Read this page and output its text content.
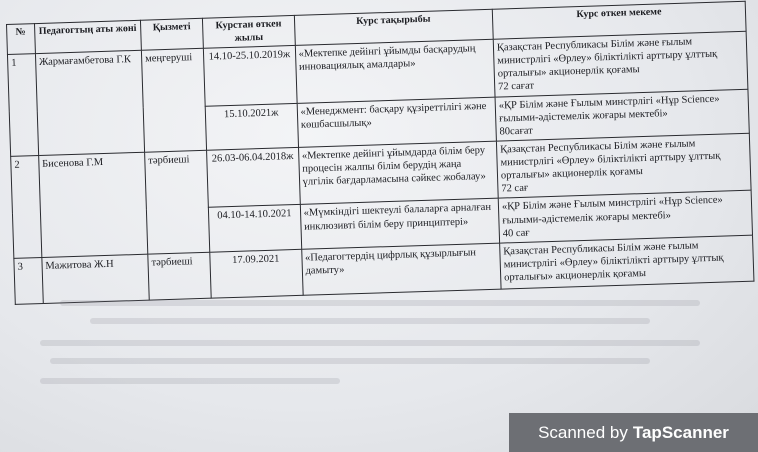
№	Педагогтың аты жөні	Қызметі	Курстан өткен жылы	Курс тақырыбы	Курс өткен мекеме
1	Жармағамбетова Г.К	меңгеруші	14.10-25.10.2019ж	«Мектепке дейінгі ұйымды басқарудың инновациялық амалдары»	Қазақстан Республикасы Білім және ғылым министрлігі «Өрлеу» біліктілікті арттыру ұлттық орталығы» акционерлік қоғамы
72 сағат
			15.10.2021ж	«Менеджмент: басқару құзіреттілігі және көшбасшылық»	«ҚР Білім және Ғылым минстрлігі «Нұр Science» ғылыми-әдістемелік жоғары мектебі»
80сағат
2	Бисенова Г.М	тәрбиеші	26.03-06.04.2018ж	«Мектепке дейінгі ұйымдарда білім беру процесін жалпы білім берудің жаңа үлгілік бағдарламасына сәйкес жобалау»	Қазақстан Республикасы Білім және ғылым министрлігі «Өрлеу» біліктілікті арттыру ұлттық орталығы» акционерлік қоғамы
72 сағ
			04.10-14.10.2021	«Мүмкіндігі шектеулі балаларға арналған инклюзивті білім беру принциптері»	«ҚР Білім және Ғылым минстрлігі «Нұр Science» ғылыми-әдістемелік жоғары мектебі»
40 сағ
3	Мажитова Ж.Н	тәрбиеші	17.09.2021	«Педагогтердің цифрлық құзырлығын дамыту»	Қазақстан Республикасы Білім және ғылым министрлігі «Өрлеу» біліктілікті арттыру ұлттық орталығы» акционерлік қоғамы
Scanned by TapScanner
